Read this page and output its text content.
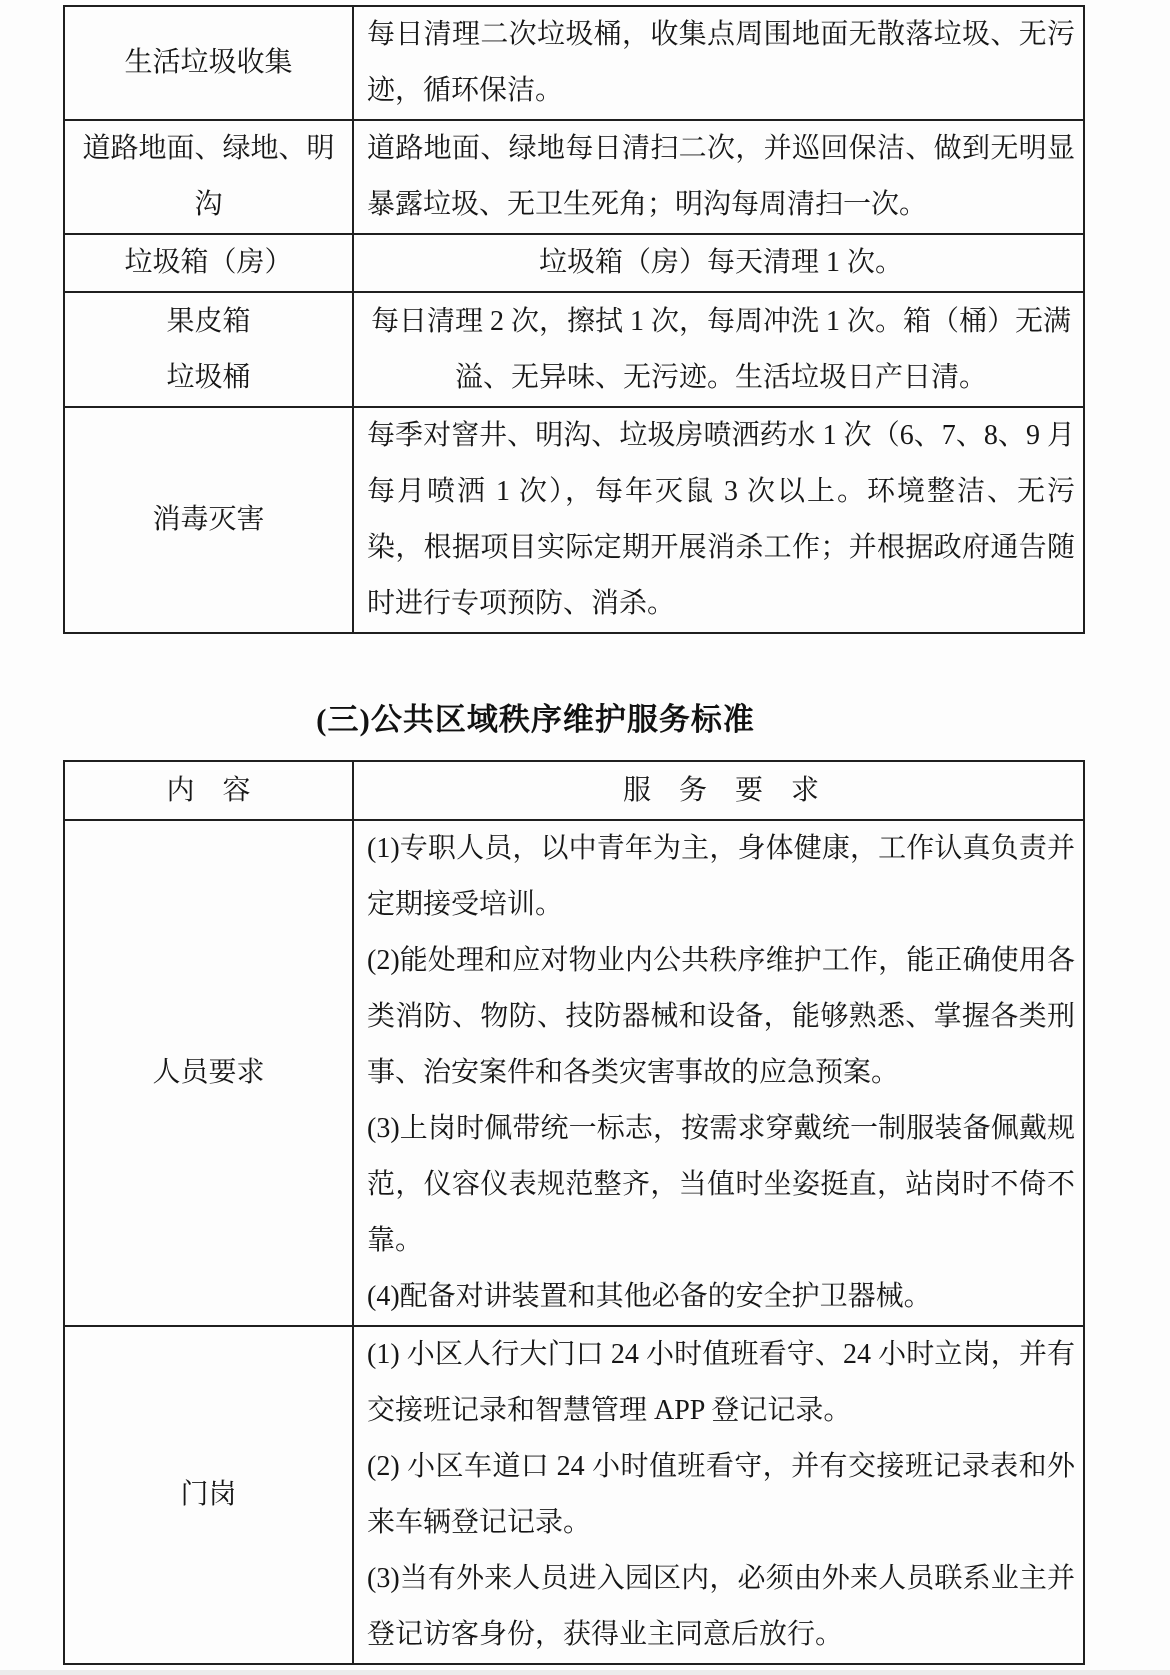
生活垃圾收集

每日清理二次垃圾桶，收集点周围地面无散落垃圾、无污迹，循环保洁。

道路地面、绿地、明沟

道路地面、绿地每日清扫二次，并巡回保洁、做到无明显暴露垃圾、无卫生死角；明沟每周清扫一次。

垃圾箱（房）	垃圾箱（房）每天清理 1 次。

果皮箱

垃圾桶

每日清理 2 次，擦拭 1 次，每周冲洗 1 次。箱（桶）无满溢、无异味、无污迹。生活垃圾日产日清。

消毒灭害

每季对窨井、明沟、垃圾房喷洒药水 1 次（6、7、8、9 月每月喷洒 1 次），每年灭鼠 3 次以上。环境整洁、无污染，根据项目实际定期开展消杀工作；并根据政府通告随时进行专项预防、消杀。

(三)公共区域秩序维护服务标准

内　容	服　务　要　求

人员要求

(1)专职人员，以中青年为主，身体健康，工作认真负责并定期接受培训。

(2)能处理和应对物业内公共秩序维护工作，能正确使用各类消防、物防、技防器械和设备，能够熟悉、掌握各类刑事、治安案件和各类灾害事故的应急预案。

(3)上岗时佩带统一标志，按需求穿戴统一制服装备佩戴规范，仪容仪表规范整齐，当值时坐姿挺直，站岗时不倚不靠。

(4)配备对讲装置和其他必备的安全护卫器械。

门岗

(1) 小区人行大门口 24 小时值班看守、24 小时立岗，并有交接班记录和智慧管理 APP 登记记录。

(2) 小区车道口 24 小时值班看守，并有交接班记录表和外来车辆登记记录。

(3)当有外来人员进入园区内，必须由外来人员联系业主并登记访客身份，获得业主同意后放行。
